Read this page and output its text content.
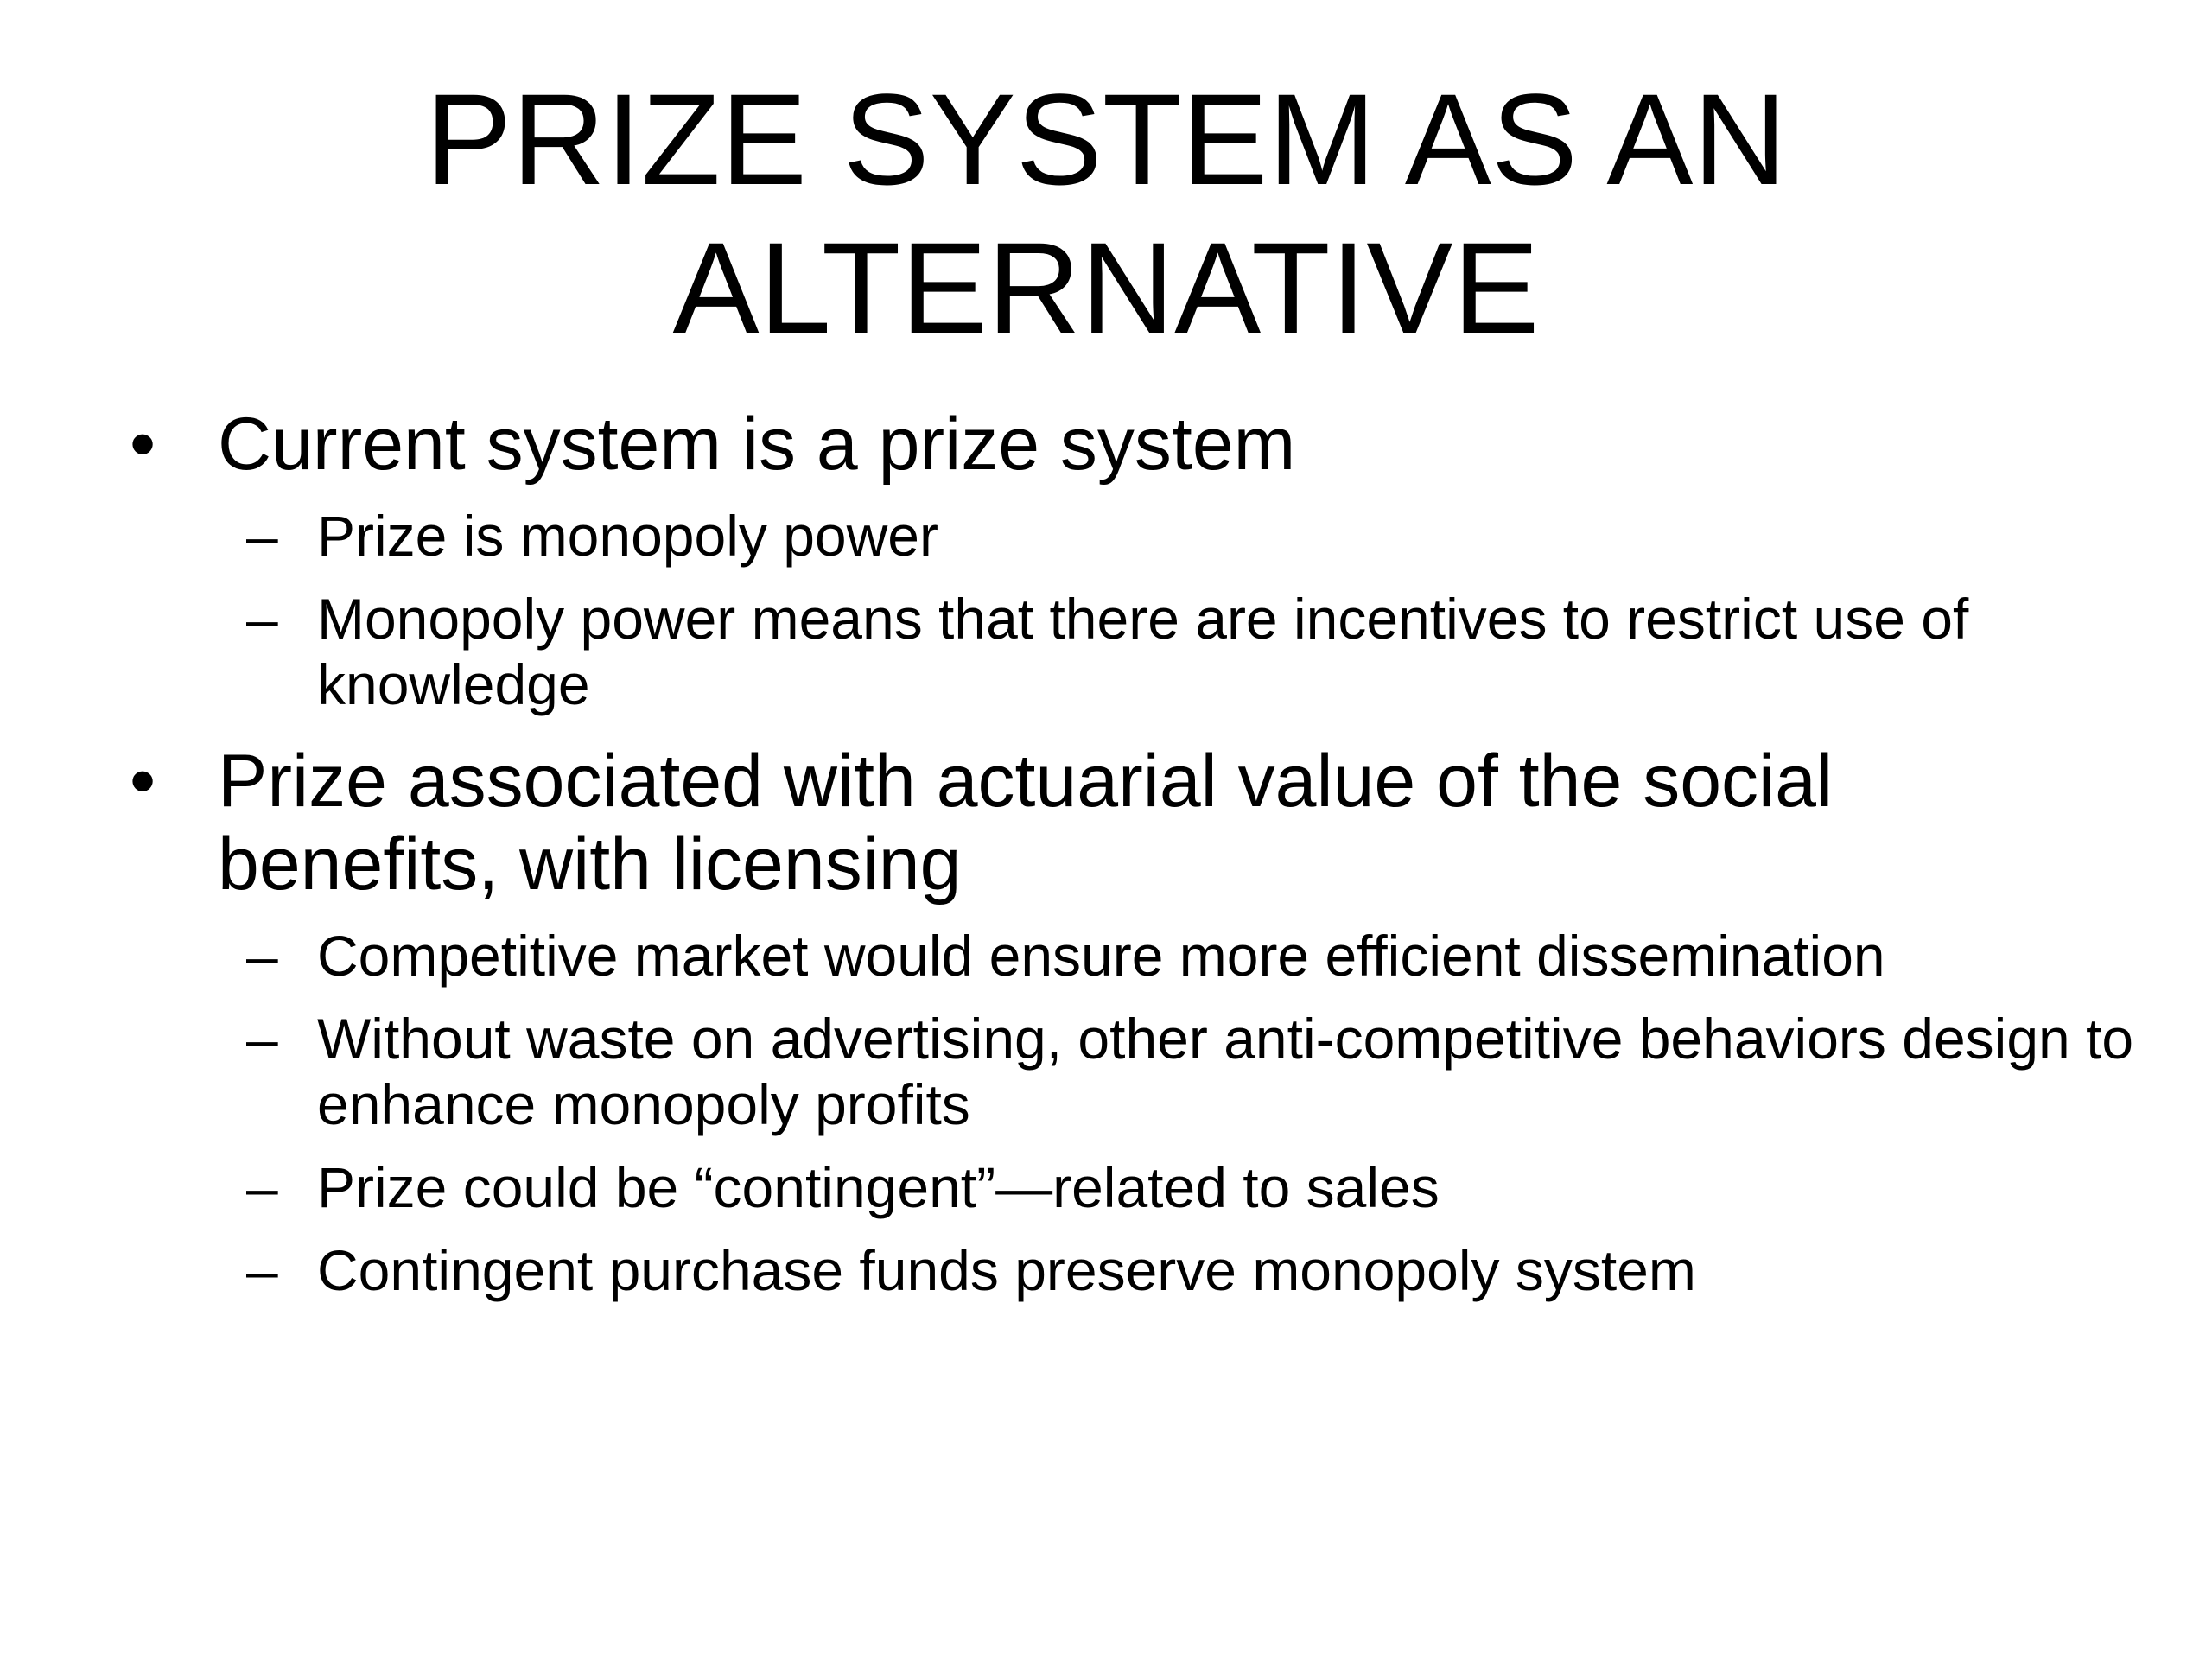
PRIZE SYSTEM AS AN
ALTERNATIVE
• Current system is a prize system
– Prize is monopoly power
– Monopoly power means that there are incentives to restrict use of knowledge
• Prize associated with actuarial value of the social benefits, with licensing
– Competitive market would ensure more efficient dissemination
– Without waste on advertising, other anti-competitive behaviors design to enhance monopoly profits
– Prize could be “contingent”—related to sales
– Contingent purchase funds preserve monopoly system
